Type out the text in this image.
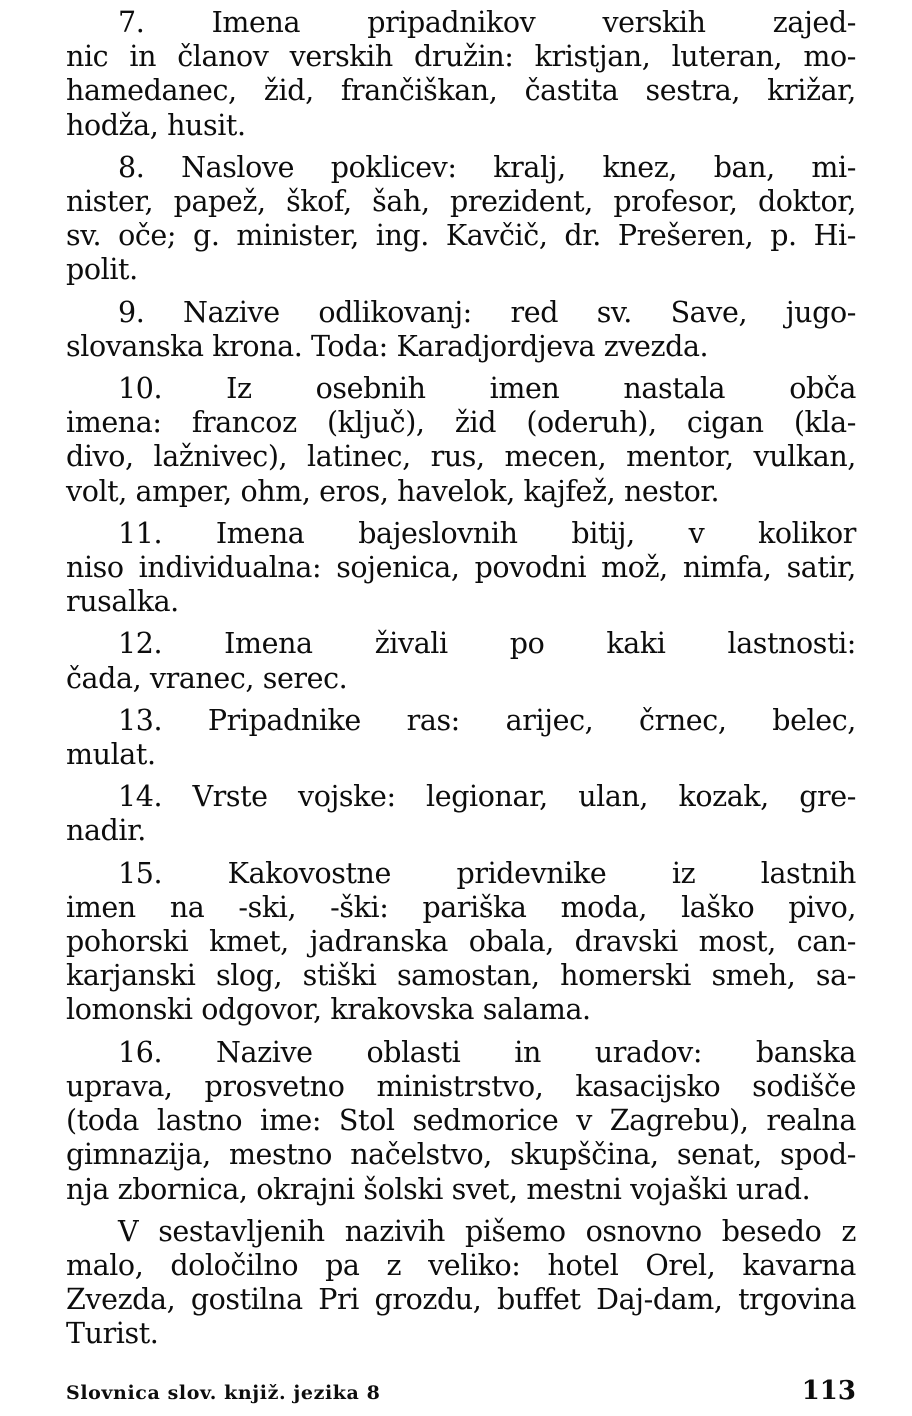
7. Imena pripadnikov verskih zajed-
nic in članov verskih družin: kristjan, luteran, mo-
hamedanec, žid, frančiškan, častita sestra, križar,
hodža, husit.
8. Naslove poklicev: kralj, knez, ban, mi-
nister, papež, škof, šah, prezident, profesor, doktor,
sv. oče; g. minister, ing. Kavčič, dr. Prešeren, p. Hi-
polit.
9. Nazive odlikovanj: red sv. Save, jugo-
slovanska krona. Toda: Karadjordjeva zvezda.
10. Iz osebnih imen nastala obča
imena: francoz (ključ), žid (oderuh), cigan (kla-
divo, lažnivec), latinec, rus, mecen, mentor, vulkan,
volt, amper, ohm, eros, havelok, kajfež, nestor.
11. Imena bajeslovnih bitij, v kolikor
niso individualna: sojenica, povodni mož, nimfa, satir,
rusalka.
12. Imena živali po kaki lastnosti:
čada, vranec, serec.
13. Pripadnike ras: arijec, črnec, belec,
mulat.
14. Vrste vojske: legionar, ulan, kozak, gre-
nadir.
15. Kakovostne pridevnike iz lastnih
imen na -ski, -ški: pariška moda, laško pivo,
pohorski kmet, jadranska obala, dravski most, can-
karjanski slog, stiški samostan, homerski smeh, sa-
lomonski odgovor, krakovska salama.
16. Nazive oblasti in uradov: banska
uprava, prosvetno ministrstvo, kasacijsko sodišče
(toda lastno ime: Stol sedmorice v Zagrebu), realna
gimnazija, mestno načelstvo, skupščina, senat, spod-
nja zbornica, okrajni šolski svet, mestni vojaški urad.
V sestavljenih nazivih pišemo osnovno besedo z
malo, določilno pa z veliko: hotel Orel, kavarna
Zvezda, gostilna Pri grozdu, buffet Daj-dam, trgovina
Turist.
Slovnica slov. knjiž. jezika 8	113
